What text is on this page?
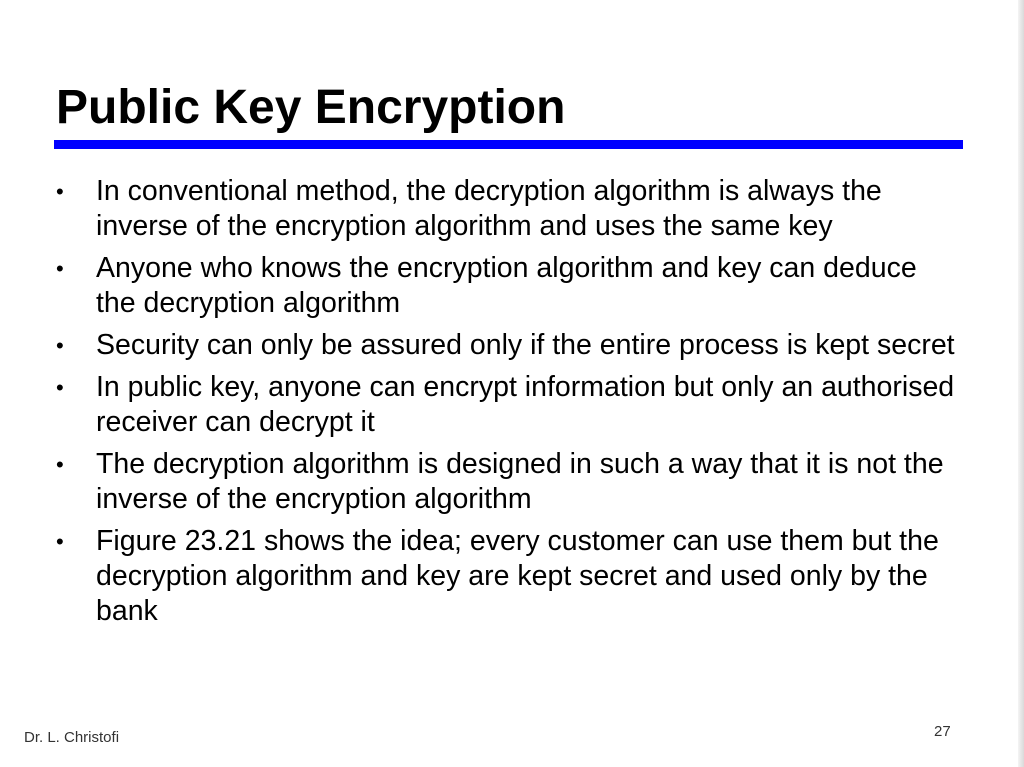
Public Key Encryption
• In conventional method, the decryption algorithm is always the inverse of the encryption algorithm and uses the same key
• Anyone who knows the encryption algorithm and key can deduce the decryption algorithm
• Security can only be assured only if the entire process is kept secret
• In public key, anyone can encrypt information but only an authorised receiver can decrypt it
• The decryption algorithm is designed in such a way that it is not the inverse of the encryption algorithm
• Figure 23.21 shows the idea; every customer can use them but the decryption algorithm and key are kept secret and used only by the bank
Dr. L. Christofi	27
